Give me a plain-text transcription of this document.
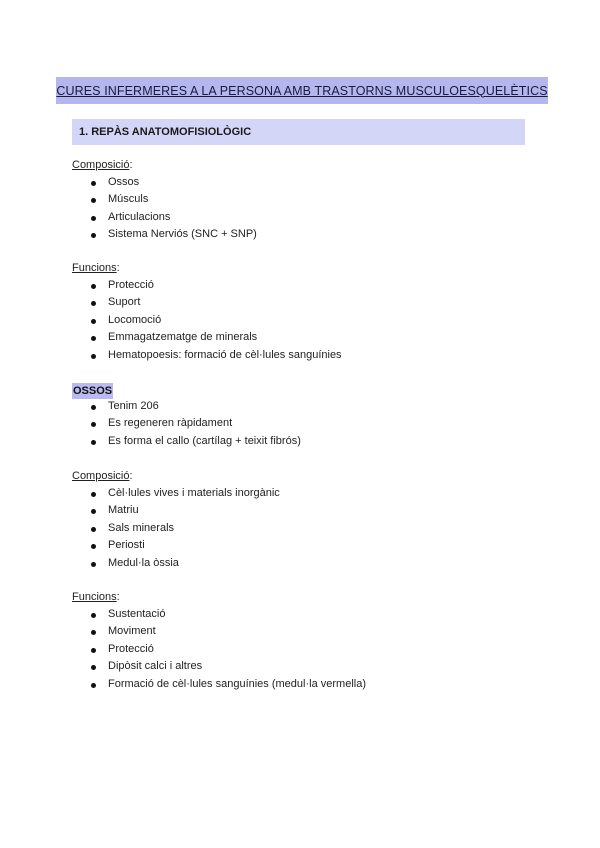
CURES INFERMERES A LA PERSONA AMB TRASTORNS MUSCULOESQUELÈTICS
1. REPÀS ANATOMOFISIOLÒGIC
Composició:
Ossos
Músculs
Articulacions
Sistema Nerviós (SNC + SNP)
Funcions:
Protecció
Suport
Locomoció
Emmagatzematge de minerals
Hematopoesis: formació de cèl·lules sanguínies
OSSOS
Tenim 206
Es regeneren ràpidament
Es forma el callo (cartílag + teixit fibrós)
Composició:
Cèl·lules vives i materials inorgànic
Matriu
Sals minerals
Periosti
Medul·la òssia
Funcions:
Sustentació
Moviment
Protecció
Dipòsit calci i altres
Formació de cèl·lules sanguínies (medul·la vermella)
